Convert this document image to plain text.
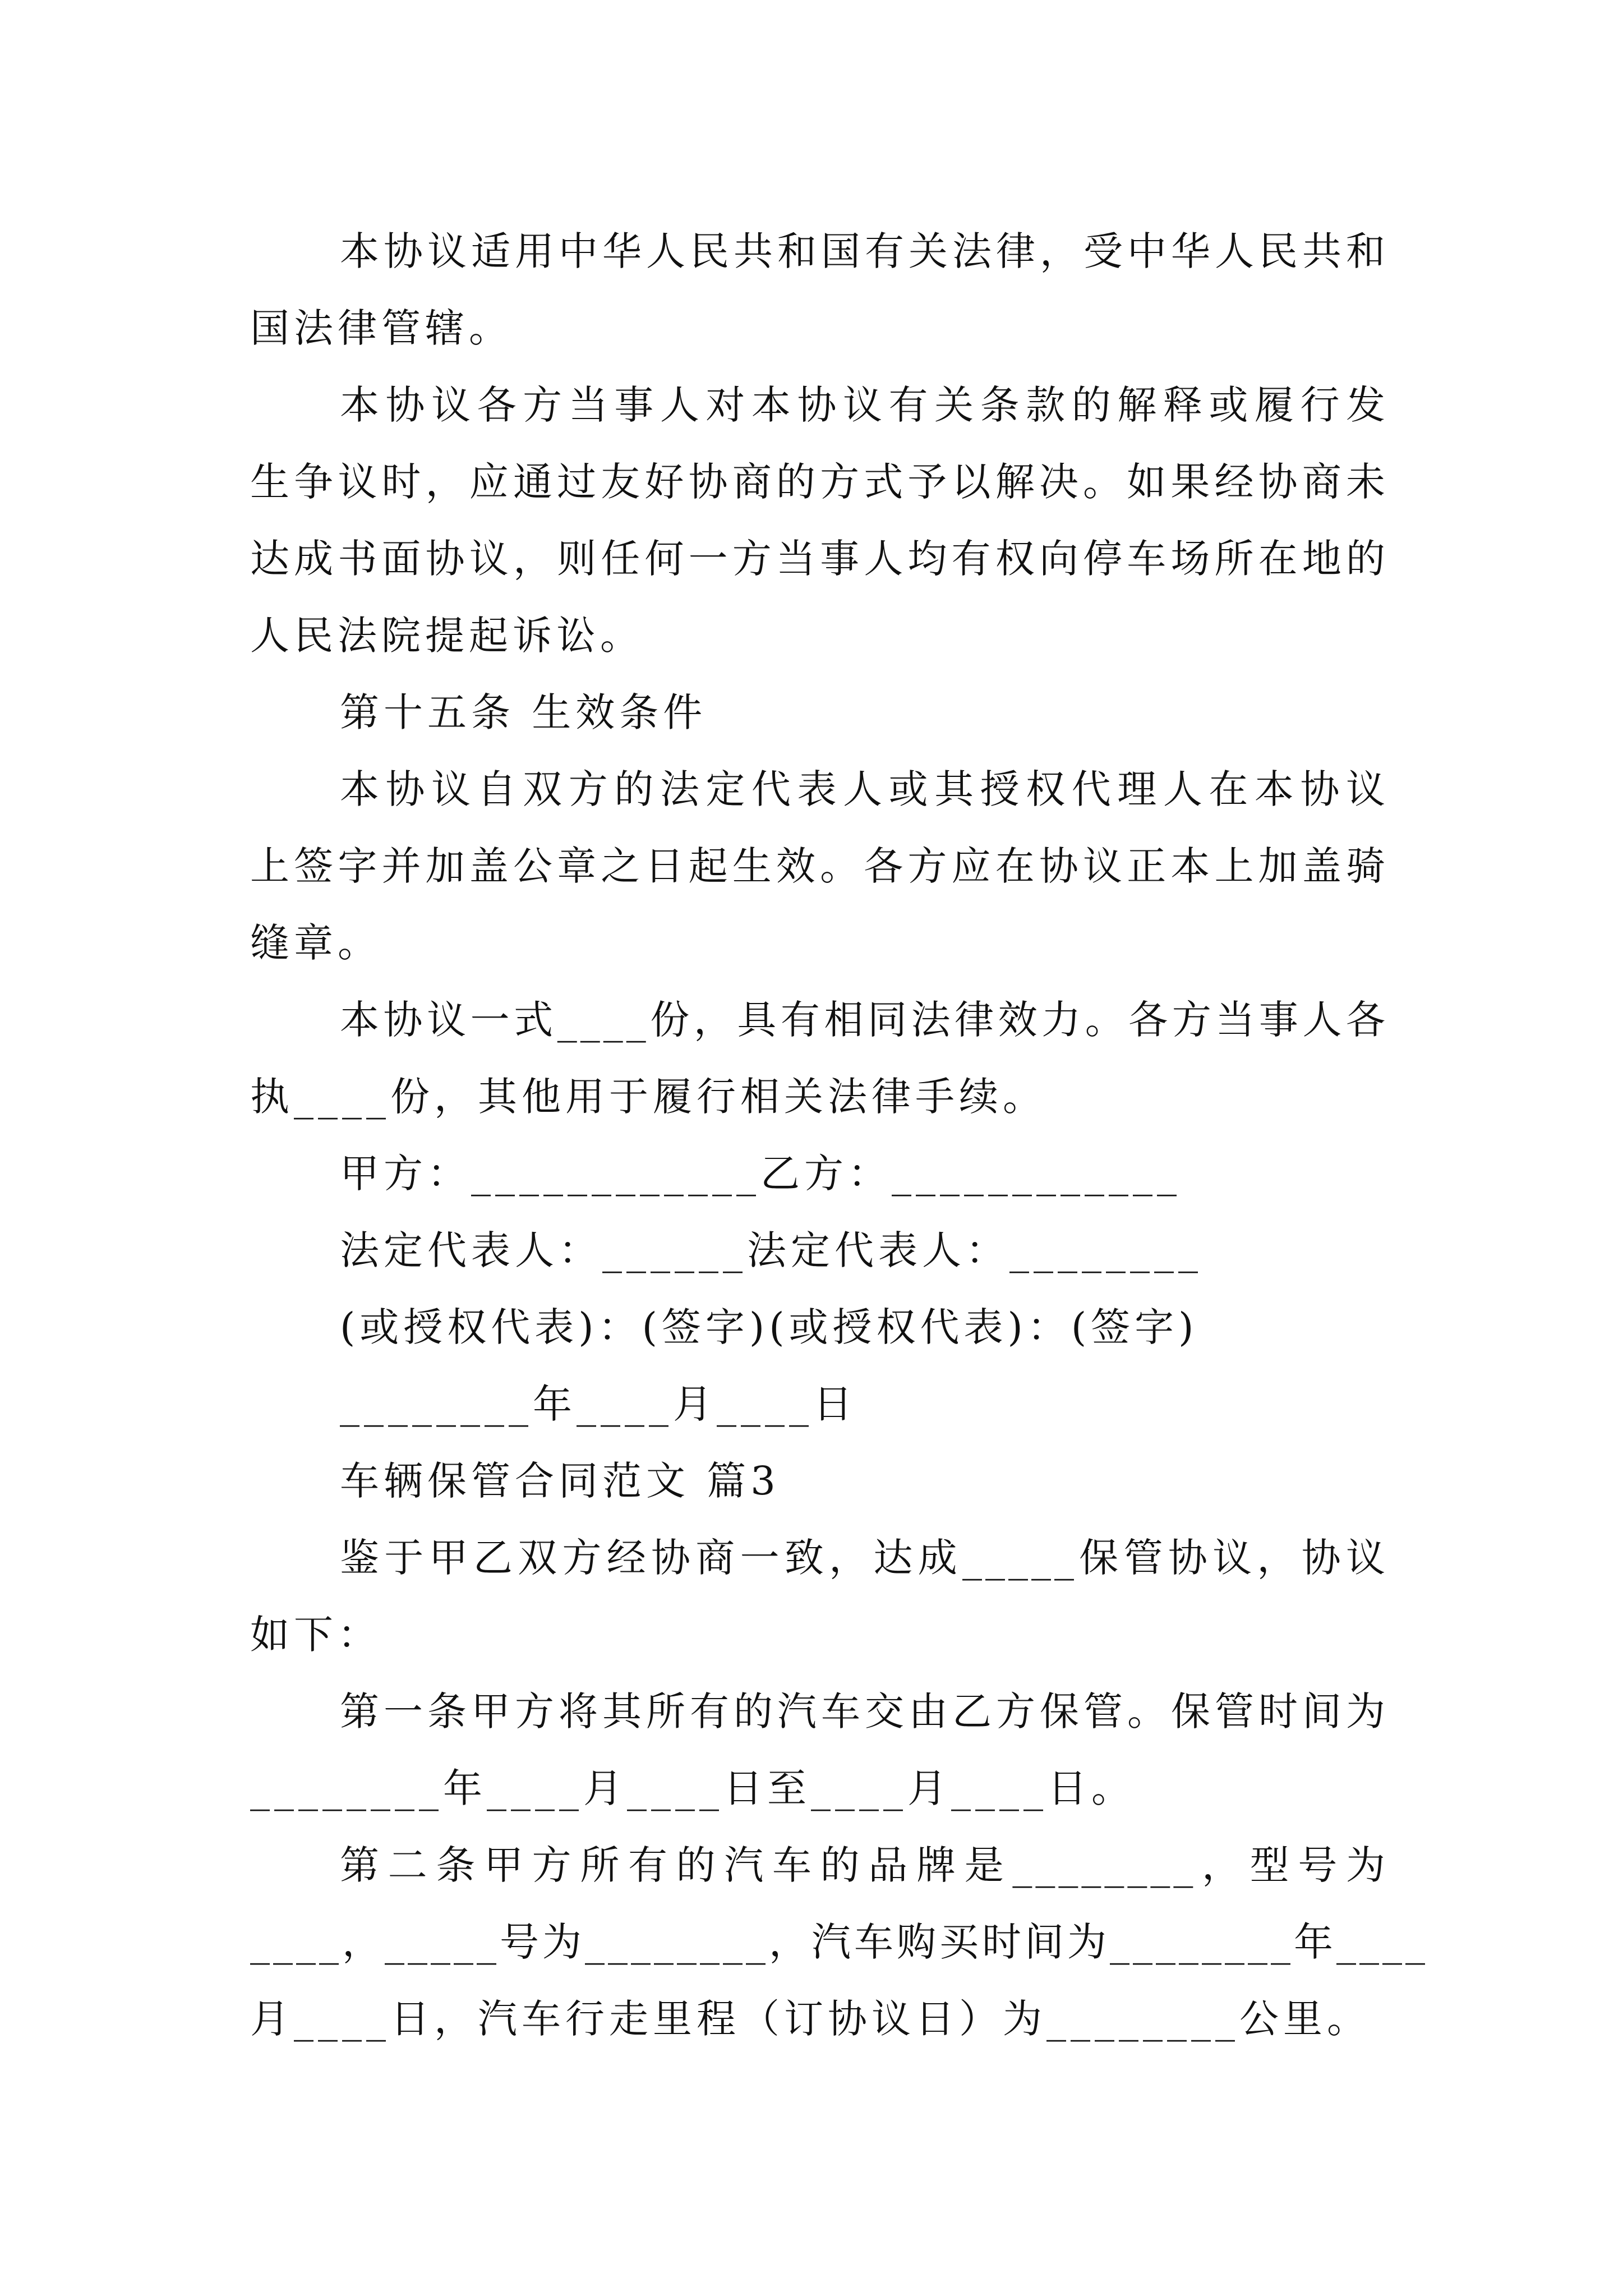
本协议适用中华人民共和国有关法律，受中华人民共和
国法律管辖。
本协议各方当事人对本协议有关条款的解释或履行发
生争议时，应通过友好协商的方式予以解决。如果经协商未
达成书面协议，则任何一方当事人均有权向停车场所在地的
人民法院提起诉讼。
第十五条 生效条件
本协议自双方的法定代表人或其授权代理人在本协议
上签字并加盖公章之日起生效。各方应在协议正本上加盖骑
缝章。
本协议一式____份，具有相同法律效力。各方当事人各
执____份，其他用于履行相关法律手续。
甲方：____________乙方：____________
法定代表人：______法定代表人：________
(或授权代表)：(签字)(或授权代表)：(签字)
________年____月____日
车辆保管合同范文 篇3
鉴于甲乙双方经协商一致，达成_____保管协议，协议
如下：
第一条甲方将其所有的汽车交由乙方保管。保管时间为
________年____月____日至____月____日。
第二条甲方所有的汽车的品牌是________，型号为
____，_____号为________，汽车购买时间为________年____
月____日，汽车行走里程（订协议日）为________公里。
